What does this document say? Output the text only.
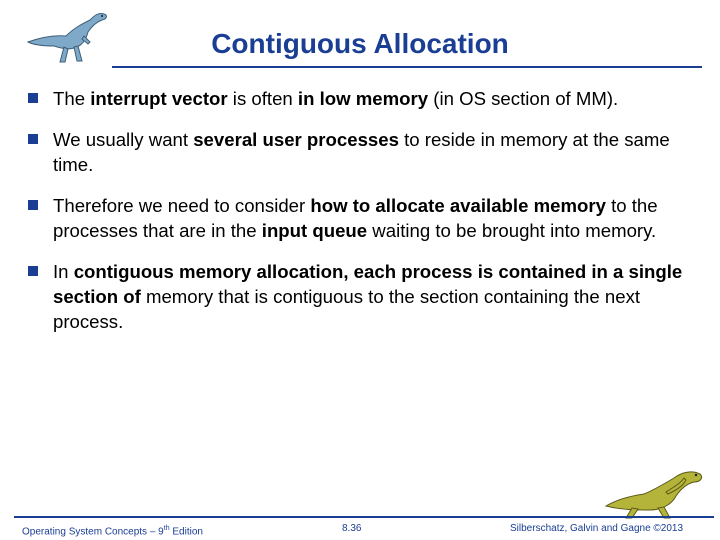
Contiguous Allocation
The interrupt vector is often in low memory (in OS section of MM).
We usually want several user processes to reside in memory at the same time.
Therefore we need to consider how to allocate available memory to the processes that are in the input queue waiting to be brought into memory.
In contiguous memory allocation, each process is contained in a single section of memory that is contiguous to the section containing the next process.
Operating System Concepts – 9th Edition	8.36	Silberschatz, Galvin and Gagne ©2013
